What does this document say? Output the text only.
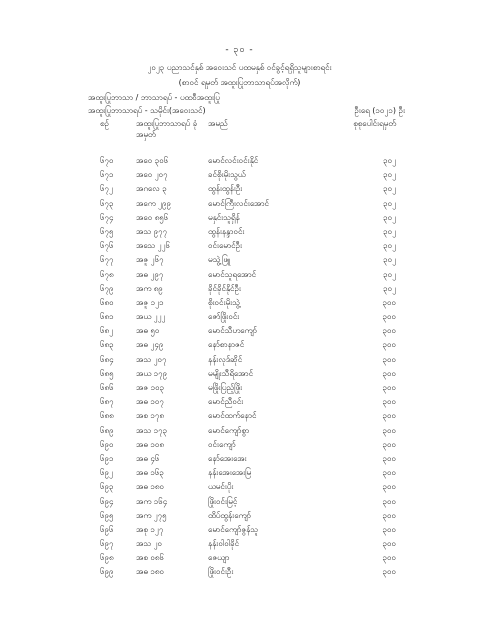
- ၃၀ -
၂၀၂၃ ပညာသင်နှစ် အဝေးသင် ပထမနှစ် ဝင်ခွင့်ရရှိသူများစာရင်း
(စာဝင် ရမှတ် အထူးပြုဘာသာရပ်အလိုက်)
အထူးပြုဘာသာ / ဘာသာရပ် - ပထဝီအထူးပြု
အထူးပြုဘာသာရပ် - သမိုင်း(အဝေးသင်)	ဦးရေ (၁၀၂၁) ဦး
စဉ်	အထူးပြုဘာသာရပ် ခုံအမှတ်
အမည်	စုစုပေါင်းရမှတ်
၆၇၀	အဝေ ၃၀၆	မောင်လင်းဝင်းနိုင်	၃၀၂
၆၇၁	အဝေ ၂၀၇	ခင်စိုးမိုးသွယ်	၃၀၂
၆၇၂	အဂလေ ၃	ထွန်းထွန်းဦး	၃၀၂
၆၇၃	အကေ ၂၉၉	မောင်ကြီးလင်းအောင်	၃၀၂
၆၇၄	အဝေ ၈၅၆	မနှင်းသူရှိန်	၃၀၂
၆၇၅	အသ ၉၇၇	ထွန်းနန္ဒာဝင်း	၃၀၂
၆၇၆	အသေ ၂၂၆	ဝင်းမောင်ဦး	၃၀၂
၆၇၇	အဇူ ၂၆၇	မသွဲ့ဖြူ	၃၀၂
၆၇၈	အဓ ၂၉၇	မောင်သူရအောင်	၃၀၂
၆၇၉	အက ၈၉	ခိုင်ခိုင်နိုင်ဦး	၃၀၂
၆၈၀	အဇူ ၁၂၁	စိုးဝင်းမိုးသွဲ့	၃၀၀
၆၈၁	အယ ၂၂၂	ဇော်ဖြိုးဝင်း	၃၀၀
၆၈၂	အဓ ၅၀	မောင်သီဟကျော်	၃၀၀
၆၈၃	အဓ ၂၄၉	နော်စာနာဇင်	၃၀၀
၆၈၄	အသ ၂၀၇	နန်းလုဒ်ဆိုင်	၃၀၀
၆၈၅	အယ ၁၇၉	မမျိုးသီရိအောင်	၃၀၀
၆၈၆	အဇ ၁၀၃	မဖြိုးပြည့်ဖြိုး	၃၀၀
၆၈၇	အဓ ၁၀၇	မောင်ညီဝင်း	၃၀၀
၆၈၈	အစ ၁၇၈	မောင်ထက်နောင်	၃၀၀
၆၈၉	အသ ၁၇၃	မောင်ကျော်စွာ	၃၀၀
၆၉၀	အဓ ၁၀၈	ဝင်းကျော်	၃၀၀
၆၉၁	အဓ ၄၆	နော်အေးအေး	၃၀၀
၆၉၂	အဓ ၁၆၃	နန်းအေးအေးမြ	၃၀၀
၆၉၃	အဓ ၁၈၀	ယမင်းပိုး	၃၀၀
၆၉၄	အက ၁၆၄	ဖြိုးဝင်းမြင့်	၃၀၀
၆၉၅	အက ၂၇၅	ထိပ်ထွန်းကျော်	၃၀၀
၆၉၆	အစု ၁၂၇	မောင်ကျော်ဇွန်သူ	၃၀၀
၆၉၇	အသ ၂၀	နန်းဝါဝါခိုင်	၃၀၀
၆၉၈	အစ ၀၈၆	ဇေယျာ	၃၀၀
၆၉၉	အဓ ၁၈၀	ဖြိုးဝင်းဦး	၃၀၀
